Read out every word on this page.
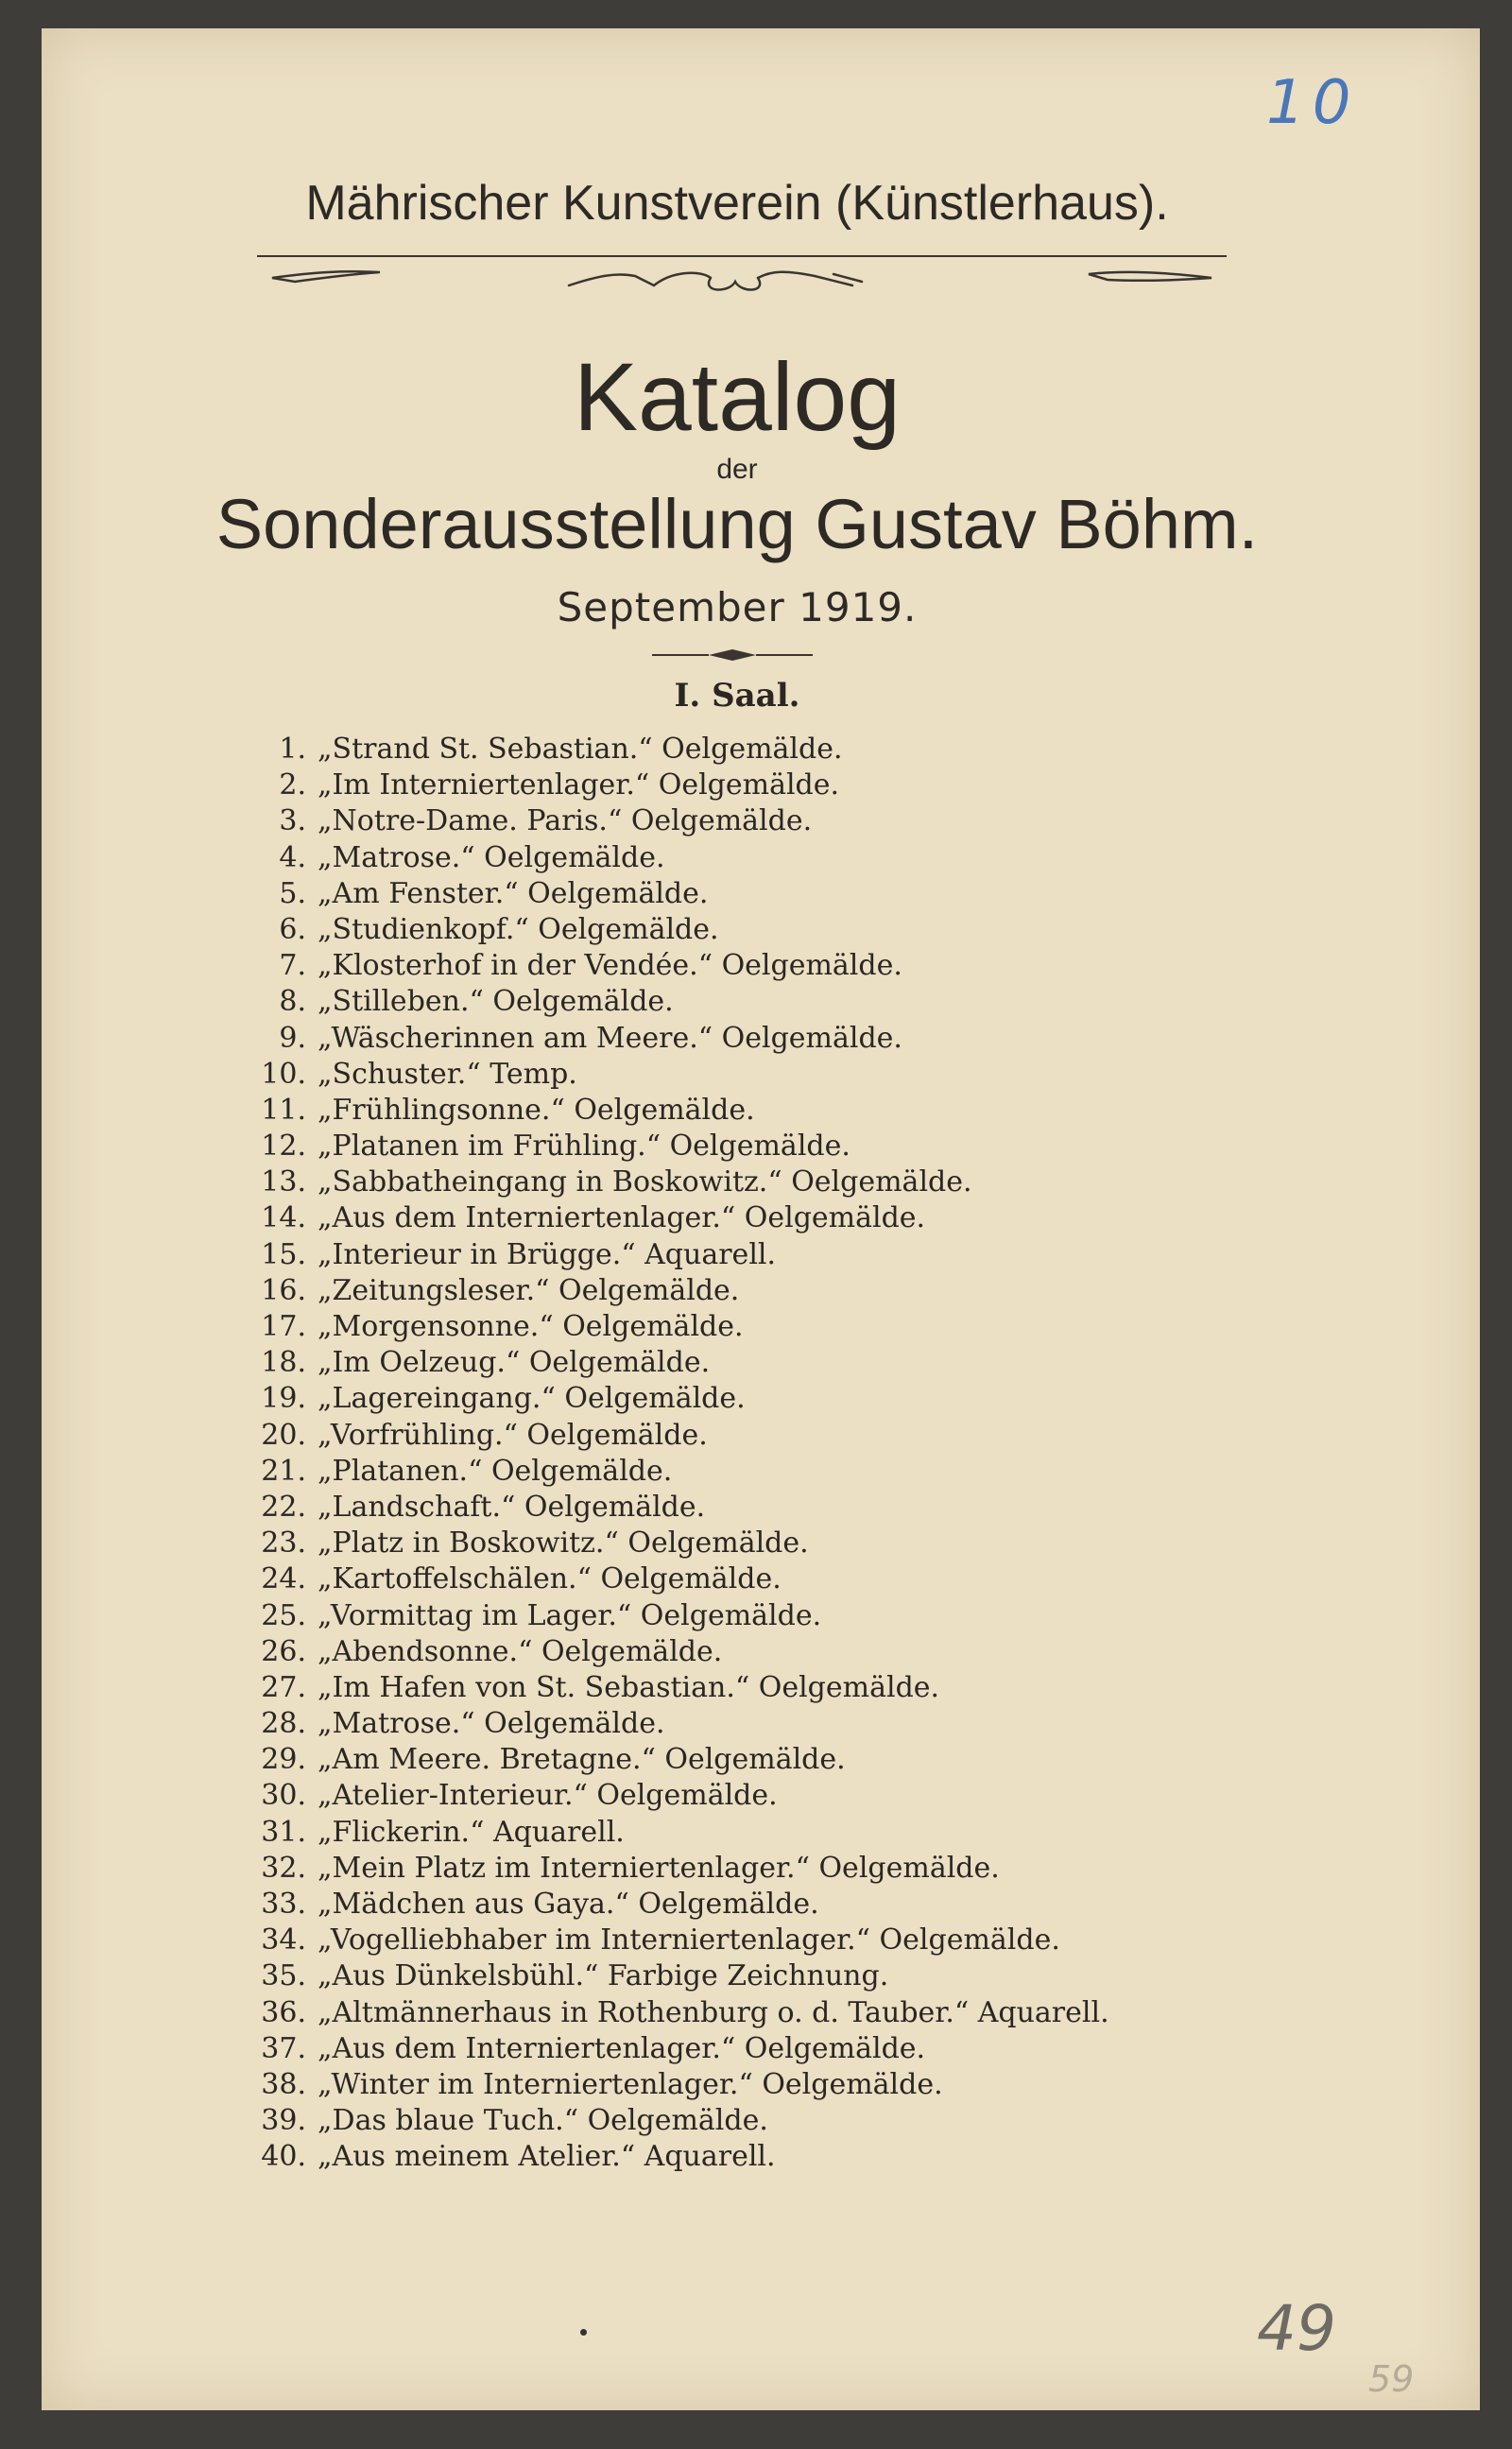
10
Mährischer Kunstverein (Künstlerhaus).
Katalog
der
Sonderausstellung Gustav Böhm.
September 1919.
I. Saal.
1. „Strand St. Sebastian.“ Oelgemälde.
2. „Im Interniertenlager.“ Oelgemälde.
3. „Notre-Dame. Paris.“ Oelgemälde.
4. „Matrose.“ Oelgemälde.
5. „Am Fenster.“ Oelgemälde.
6. „Studienkopf.“ Oelgemälde.
7. „Klosterhof in der Vendée.“ Oelgemälde.
8. „Stilleben.“ Oelgemälde.
9. „Wäscherinnen am Meere.“ Oelgemälde.
10. „Schuster.“ Temp.
11. „Frühlingsonne.“ Oelgemälde.
12. „Platanen im Frühling.“ Oelgemälde.
13. „Sabbatheingang in Boskowitz.“ Oelgemälde.
14. „Aus dem Interniertenlager.“ Oelgemälde.
15. „Interieur in Brügge.“ Aquarell.
16. „Zeitungsleser.“ Oelgemälde.
17. „Morgensonne.“ Oelgemälde.
18. „Im Oelzeug.“ Oelgemälde.
19. „Lagereingang.“ Oelgemälde.
20. „Vorfrühling.“ Oelgemälde.
21. „Platanen.“ Oelgemälde.
22. „Landschaft.“ Oelgemälde.
23. „Platz in Boskowitz.“ Oelgemälde.
24. „Kartoffelschälen.“ Oelgemälde.
25. „Vormittag im Lager.“ Oelgemälde.
26. „Abendsonne.“ Oelgemälde.
27. „Im Hafen von St. Sebastian.“ Oelgemälde.
28. „Matrose.“ Oelgemälde.
29. „Am Meere. Bretagne.“ Oelgemälde.
30. „Atelier-Interieur.“ Oelgemälde.
31. „Flickerin.“ Aquarell.
32. „Mein Platz im Interniertenlager.“ Oelgemälde.
33. „Mädchen aus Gaya.“ Oelgemälde.
34. „Vogelliebhaber im Interniertenlager.“ Oelgemälde.
35. „Aus Dünkelsbühl.“ Farbige Zeichnung.
36. „Altmännerhaus in Rothenburg o. d. Tauber.“ Aquarell.
37. „Aus dem Interniertenlager.“ Oelgemälde.
38. „Winter im Interniertenlager.“ Oelgemälde.
39. „Das blaue Tuch.“ Oelgemälde.
40. „Aus meinem Atelier.“ Aquarell.
49
59
